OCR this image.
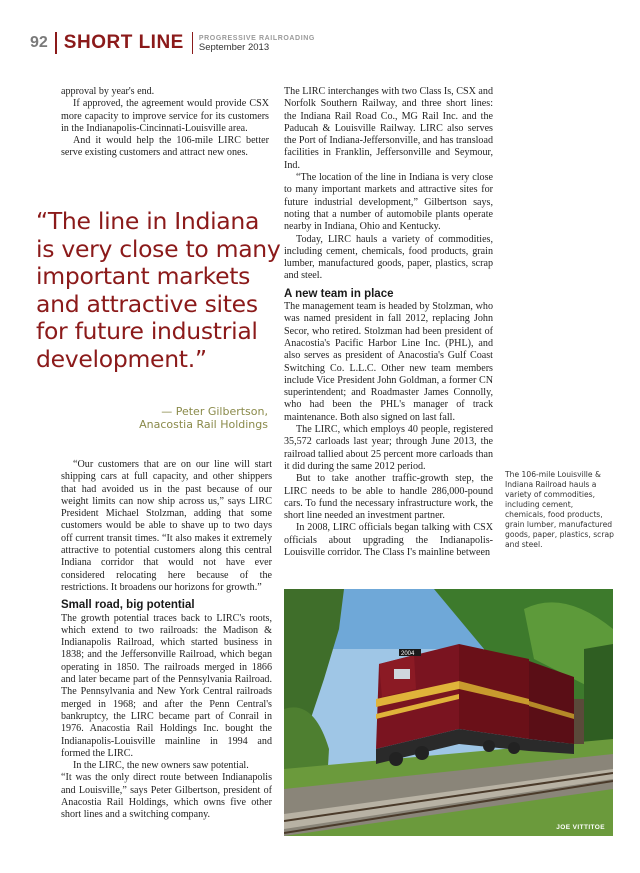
92 SHORT LINE PROGRESSIVE RAILROADING
September 2013

approval by year's end.

If approved, the agreement would provide CSX more capacity to improve service for its customers in the Indianapolis-Cincinnati-Louisville area.

And it would help the 106-mile LIRC better serve existing customers and attract new ones.

“The line in Indiana
is very close to many
important markets
and attractive sites
for future industrial
development.”
— Peter Gilbertson,
Anacostia Rail Holdings

“Our customers that are on our line will start shipping cars at full capacity, and other shippers that had avoided us in the past because of our weight limits can now ship across us,” says LIRC President Michael Stolzman, adding that some customers would be able to shave up to two days off current transit times. “It also makes it extremely attractive to potential customers along this central Indiana corridor that would not have ever considered relocating here because of the restrictions. It broadens our horizons for growth.”

Small road, big potential

The growth potential traces back to LIRC's roots, which extend to two railroads: the Madison & Indianapolis Railroad, which started business in 1838; and the Jeffersonville Railroad, which began operating in 1850. The railroads merged in 1866 and later became part of the Pennsylvania Railroad. The Pennsylvania and New York Central railroads merged in 1968; and after the Penn Central's bankruptcy, the LIRC became part of Conrail in 1976. Anacostia Rail Holdings Inc. bought the Indianapolis-Louisville mainline in 1994 and formed the LIRC.

In the LIRC, the new owners saw potential.

“It was the only direct route between Indianapolis and Louisville,” says Peter Gilbertson, president of Anacostia Rail Holdings, which owns five other short lines and a switching company.

The LIRC interchanges with two Class Is, CSX and Norfolk Southern Railway, and three short lines: the Indiana Rail Road Co., MG Rail Inc. and the Paducah & Louisville Railway. LIRC also serves the Port of Indiana-Jeffersonville, and has transload facilities in Franklin, Jeffersonville and Seymour, Ind.

“The location of the line in Indiana is very close to many important markets and attractive sites for future industrial development,” Gilbertson says, noting that a number of automobile plants operate nearby in Indiana, Ohio and Kentucky.

Today, LIRC hauls a variety of commodities, including cement, chemicals, food products, grain lumber, manufactured goods, paper, plastics, scrap and steel.

A new team in place

The management team is headed by Stolzman, who was named president in fall 2012, replacing John Secor, who retired. Stolzman had been president of Anacostia's Pacific Harbor Line Inc. (PHL), and also serves as president of Anacostia's Gulf Coast Switching Co. L.L.C. Other new team members include Vice President John Goldman, a former CN superintendent; and Roadmaster James Connolly, who had been the PHL's manager of track maintenance. Both also signed on last fall.

The LIRC, which employs 40 people, registered 35,572 carloads last year; through June 2013, the railroad tallied about 25 percent more carloads than it did during the same 2012 period.

But to take another traffic-growth step, the LIRC needs to be able to handle 286,000-pound cars. To fund the necessary infrastructure work, the short line needed an investment partner.

In 2008, LIRC officials began talking with CSX officials about upgrading the Indianapolis-Louisville corridor. The Class I's mainline between

The 106-mile Louisville & Indiana Railroad hauls a variety of commodities, including cement, chemicals, food products, grain lumber, manufactured goods, paper, plastics, scrap and steel.
2004
JOE VITTITOE
